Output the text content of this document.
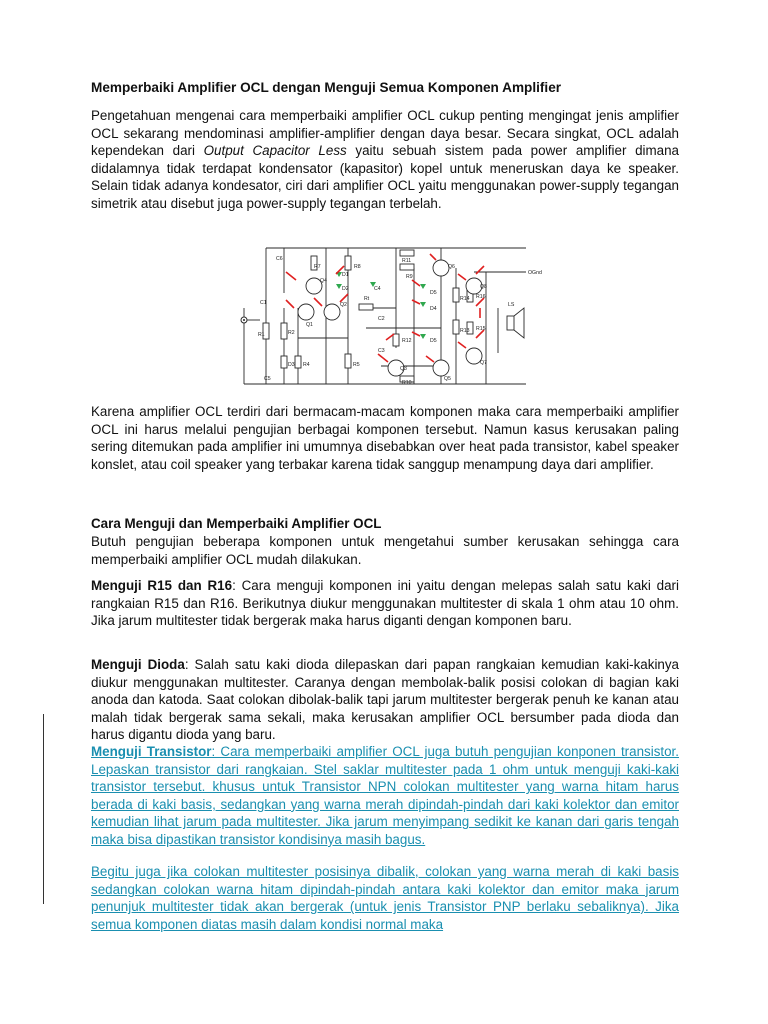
Memperbaiki Amplifier OCL dengan Menguji Semua Komponen Amplifier

Pengetahuan mengenai cara memperbaiki amplifier OCL cukup penting mengingat jenis amplifier OCL sekarang mendominasi amplifier-amplifier dengan daya besar. Secara singkat, OCL adalah kependekan dari Output Capacitor Less yaitu sebuah sistem pada power amplifier dimana didalamnya tidak terdapat kondensator (kapasitor) kopel untuk meneruskan daya ke speaker. Selain tidak adanya kondesator, ciri dari amplifier OCL yaitu menggunakan power-supply tegangan simetrik atau disebut juga power-supply tegangan terbelah.

R7
D1
D2
Q4
Q2
Q1
R1	R2
D3 R4
R8
Rt
R5
R12
R11
R9
R10
Q3
Q5
Q6
Q8
Q7
R14
R13
R16
R15
D5
D4
D5
C1
C2
C3
C4
C5
C6
LS
OGnd

Karena amplifier OCL terdiri dari bermacam-macam komponen maka cara memperbaiki amplifier OCL ini harus melalui pengujian berbagai komponen tersebut. Namun kasus kerusakan paling sering ditemukan pada amplifier ini umumnya disebabkan over heat pada transistor, kabel speaker konslet, atau coil speaker yang terbakar karena tidak sanggup menampung daya dari amplifier.

Cara Menguji dan Memperbaiki Amplifier OCL

Butuh pengujian beberapa komponen untuk mengetahui sumber kerusakan sehingga cara memperbaiki amplifier OCL mudah dilakukan.

Menguji R15 dan R16: Cara menguji komponen ini yaitu dengan melepas salah satu kaki dari rangkaian R15 dan R16. Berikutnya diukur menggunakan multitester di skala 1 ohm atau 10 ohm. Jika jarum multitester tidak bergerak maka harus diganti dengan komponen baru.

Menguji Dioda: Salah satu kaki dioda dilepaskan dari papan rangkaian kemudian kaki-kakinya diukur menggunakan multitester. Caranya dengan membolak-balik posisi colokan di bagian kaki anoda dan katoda. Saat colokan dibolak-balik tapi jarum multitester bergerak penuh ke kanan atau malah tidak bergerak sama sekali, maka kerusakan amplifier OCL bersumber pada dioda dan harus digantu dioda yang baru.

Menguji Transistor: Cara memperbaiki amplifier OCL juga butuh pengujian konponen transistor. Lepaskan transistor dari rangkaian. Stel saklar multitester pada 1 ohm untuk menguji kaki-kaki transistor tersebut. khusus untuk Transistor NPN colokan multitester yang warna hitam harus berada di kaki basis, sedangkan yang warna merah dipindah-pindah dari kaki kolektor dan emitor kemudian lihat jarum pada multitester. Jika jarum menyimpang sedikit ke kanan dari garis tengah maka bisa dipastikan transistor kondisinya masih bagus.

Begitu juga jika colokan multitester posisinya dibalik, colokan yang warna merah di kaki basis sedangkan colokan warna hitam dipindah-pindah antara kaki kolektor dan emitor maka jarum penunjuk multitester tidak akan bergerak (untuk jenis Transistor PNP berlaku sebaliknya). Jika semua komponen diatas masih dalam kondisi normal maka
